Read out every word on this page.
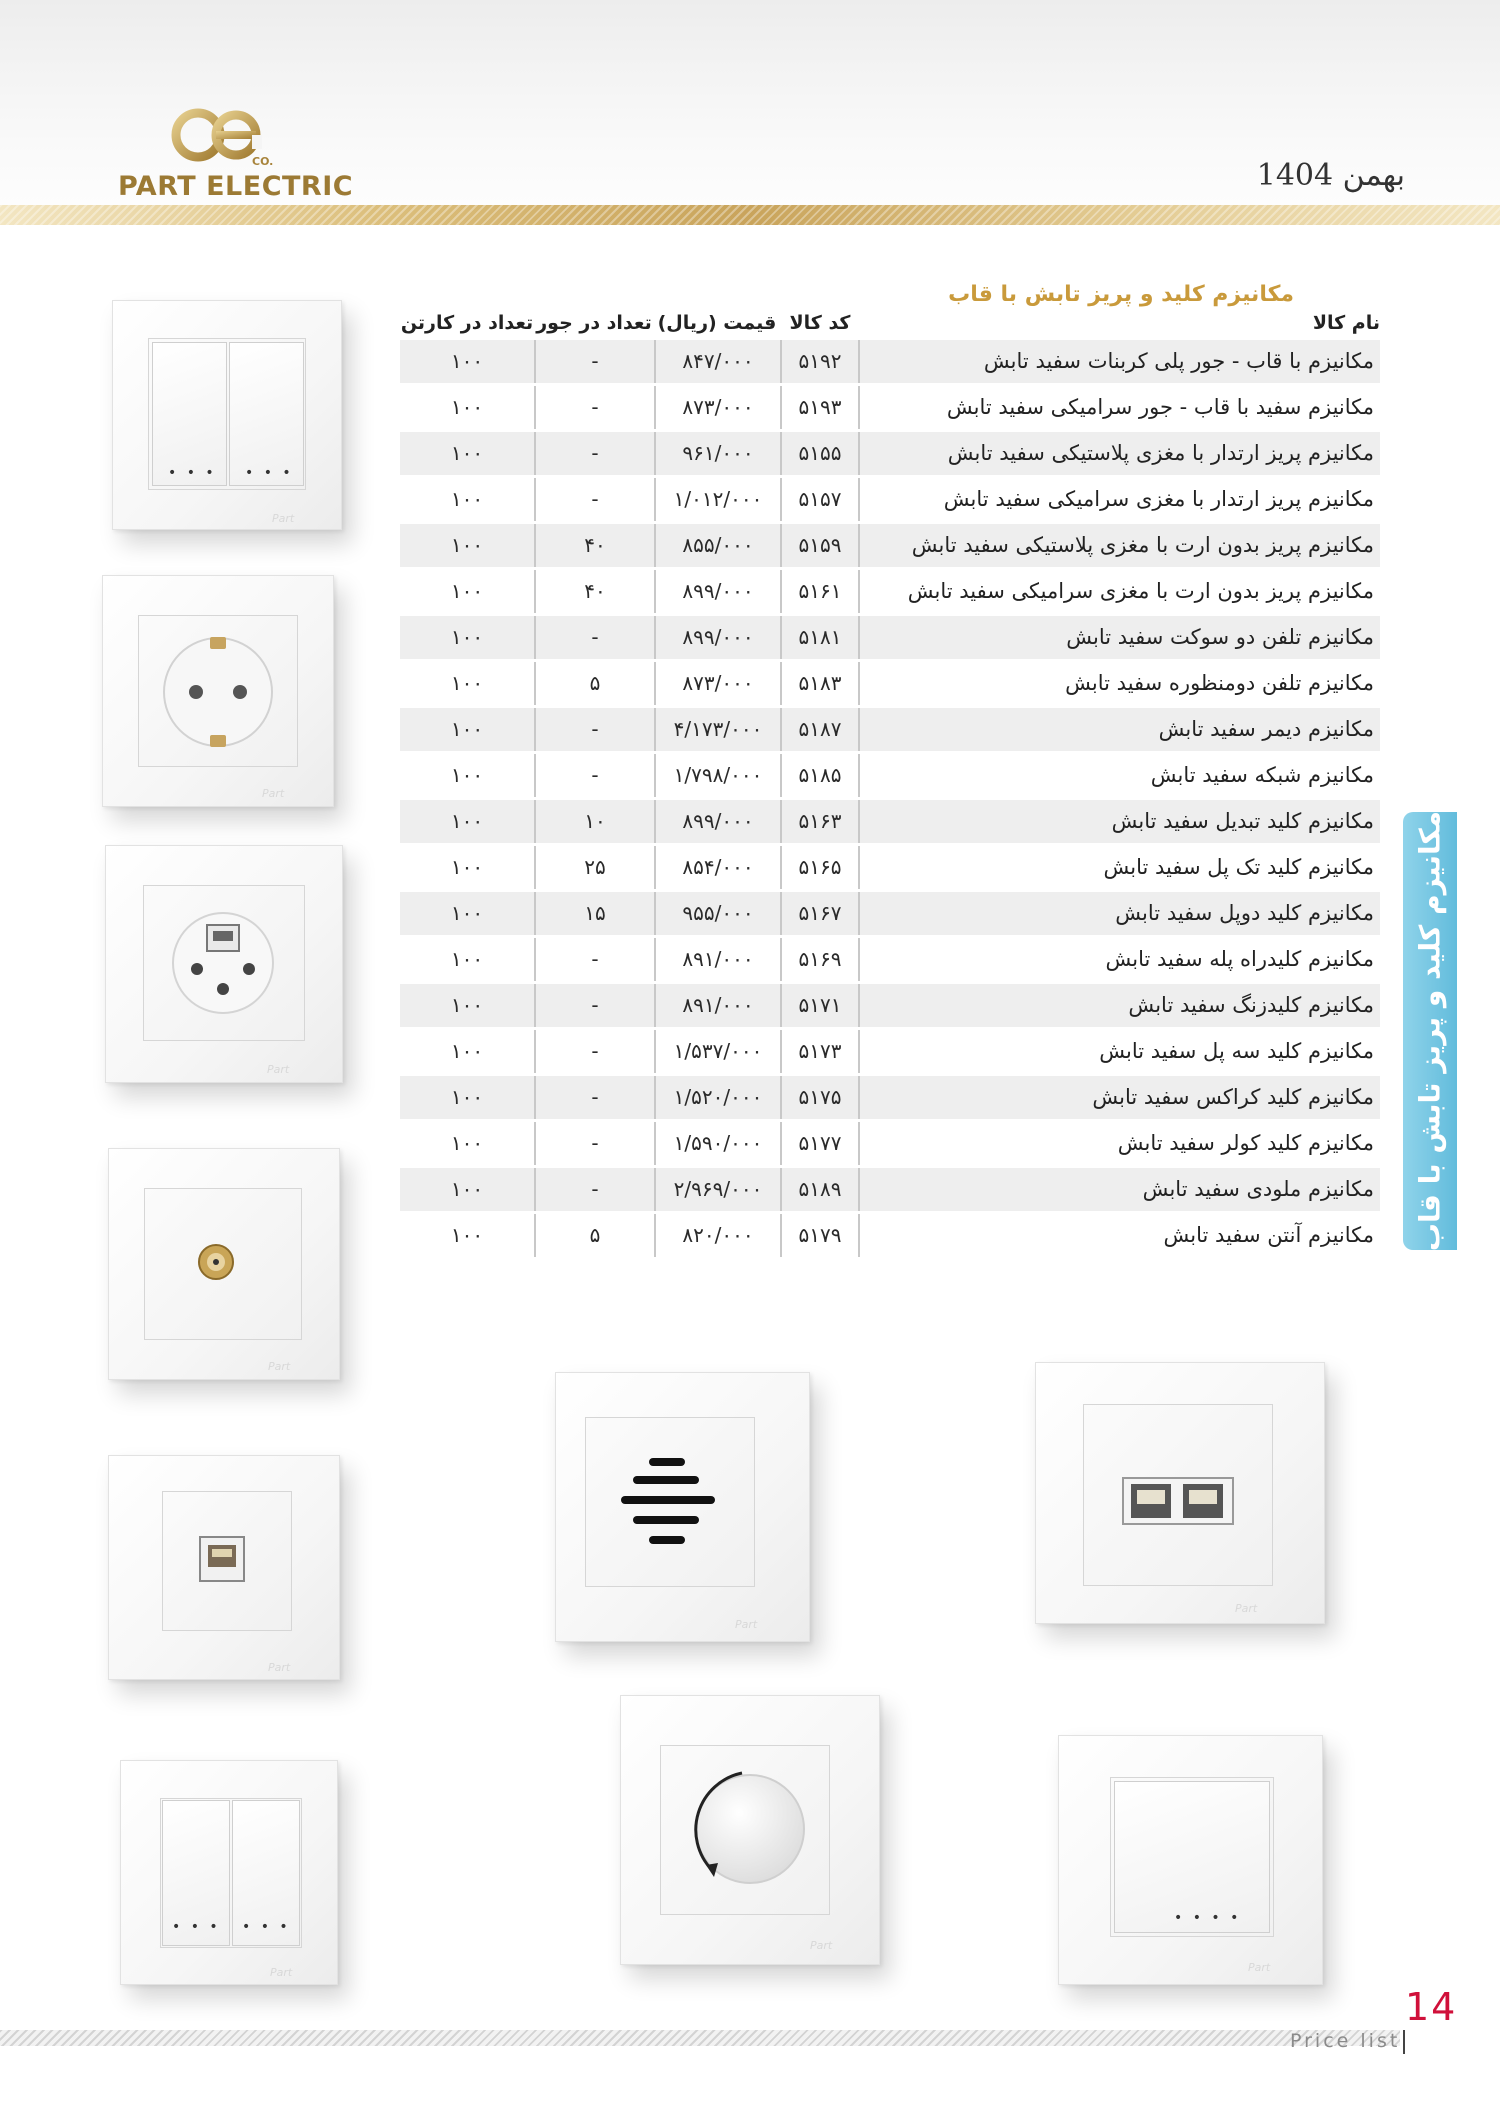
CO.
PART ELECTRIC	بهمن 1404
مکانیزم کلید و پریز تابش با قاب
نام کالا
کد کالا
قیمت (ریال)
تعداد در جور
تعداد در کارتن
مکانیزم با قاب - جور پلی کربنات سفید تابش
۵۱۹۲
۸۴۷/۰۰۰
-
۱۰۰
مکانیزم سفید با قاب - جور سرامیکی سفید تابش
۵۱۹۳
۸۷۳/۰۰۰
-
۱۰۰
مکانیزم پریز ارتدار با مغزی پلاستیکی سفید تابش
۵۱۵۵
۹۶۱/۰۰۰
-
۱۰۰
مکانیزم پریز ارتدار با مغزی سرامیکی سفید تابش
۵۱۵۷
۱/۰۱۲/۰۰۰
-
۱۰۰
مکانیزم پریز بدون ارت با مغزی پلاستیکی سفید تابش
۵۱۵۹
۸۵۵/۰۰۰
۴۰
۱۰۰
مکانیزم پریز بدون ارت با مغزی سرامیکی سفید تابش
۵۱۶۱
۸۹۹/۰۰۰
۴۰
۱۰۰
مکانیزم تلفن دو سوکت سفید تابش
۵۱۸۱
۸۹۹/۰۰۰
-
۱۰۰
مکانیزم تلفن دومنظوره سفید تابش
۵۱۸۳
۸۷۳/۰۰۰
۵
۱۰۰
مکانیزم دیمر سفید تابش
۵۱۸۷
۴/۱۷۳/۰۰۰
-
۱۰۰
مکانیزم شبکه سفید تابش
۵۱۸۵
۱/۷۹۸/۰۰۰
-
۱۰۰
مکانیزم کلید تبدیل سفید تابش
۵۱۶۳
۸۹۹/۰۰۰
۱۰
۱۰۰
مکانیزم کلید تک پل سفید تابش
۵۱۶۵
۸۵۴/۰۰۰
۲۵
۱۰۰
مکانیزم کلید دوپل سفید تابش
۵۱۶۷
۹۵۵/۰۰۰
۱۵
۱۰۰
مکانیزم کلیدراه پله سفید تابش
۵۱۶۹
۸۹۱/۰۰۰
-
۱۰۰
مکانیزم کلیدزنگ سفید تابش
۵۱۷۱
۸۹۱/۰۰۰
-
۱۰۰
مکانیزم کلید سه پل سفید تابش
۵۱۷۳
۱/۵۳۷/۰۰۰
-
۱۰۰
مکانیزم کلید کراکس سفید تابش
۵۱۷۵
۱/۵۲۰/۰۰۰
-
۱۰۰
مکانیزم کلید کولر سفید تابش
۵۱۷۷
۱/۵۹۰/۰۰۰
-
۱۰۰
مکانیزم ملودی سفید تابش
۵۱۸۹
۲/۹۶۹/۰۰۰
-
۱۰۰
مکانیزم آنتن سفید تابش
۵۱۷۹
۸۲۰/۰۰۰
۵
۱۰۰	مکانیزم کلید و پریز تابش با قاب
• • • • • •
Part
Part
Part
Part
Part
• • • • • •
Part
Part
Part
Part
• • • •
Part
14
Price list
